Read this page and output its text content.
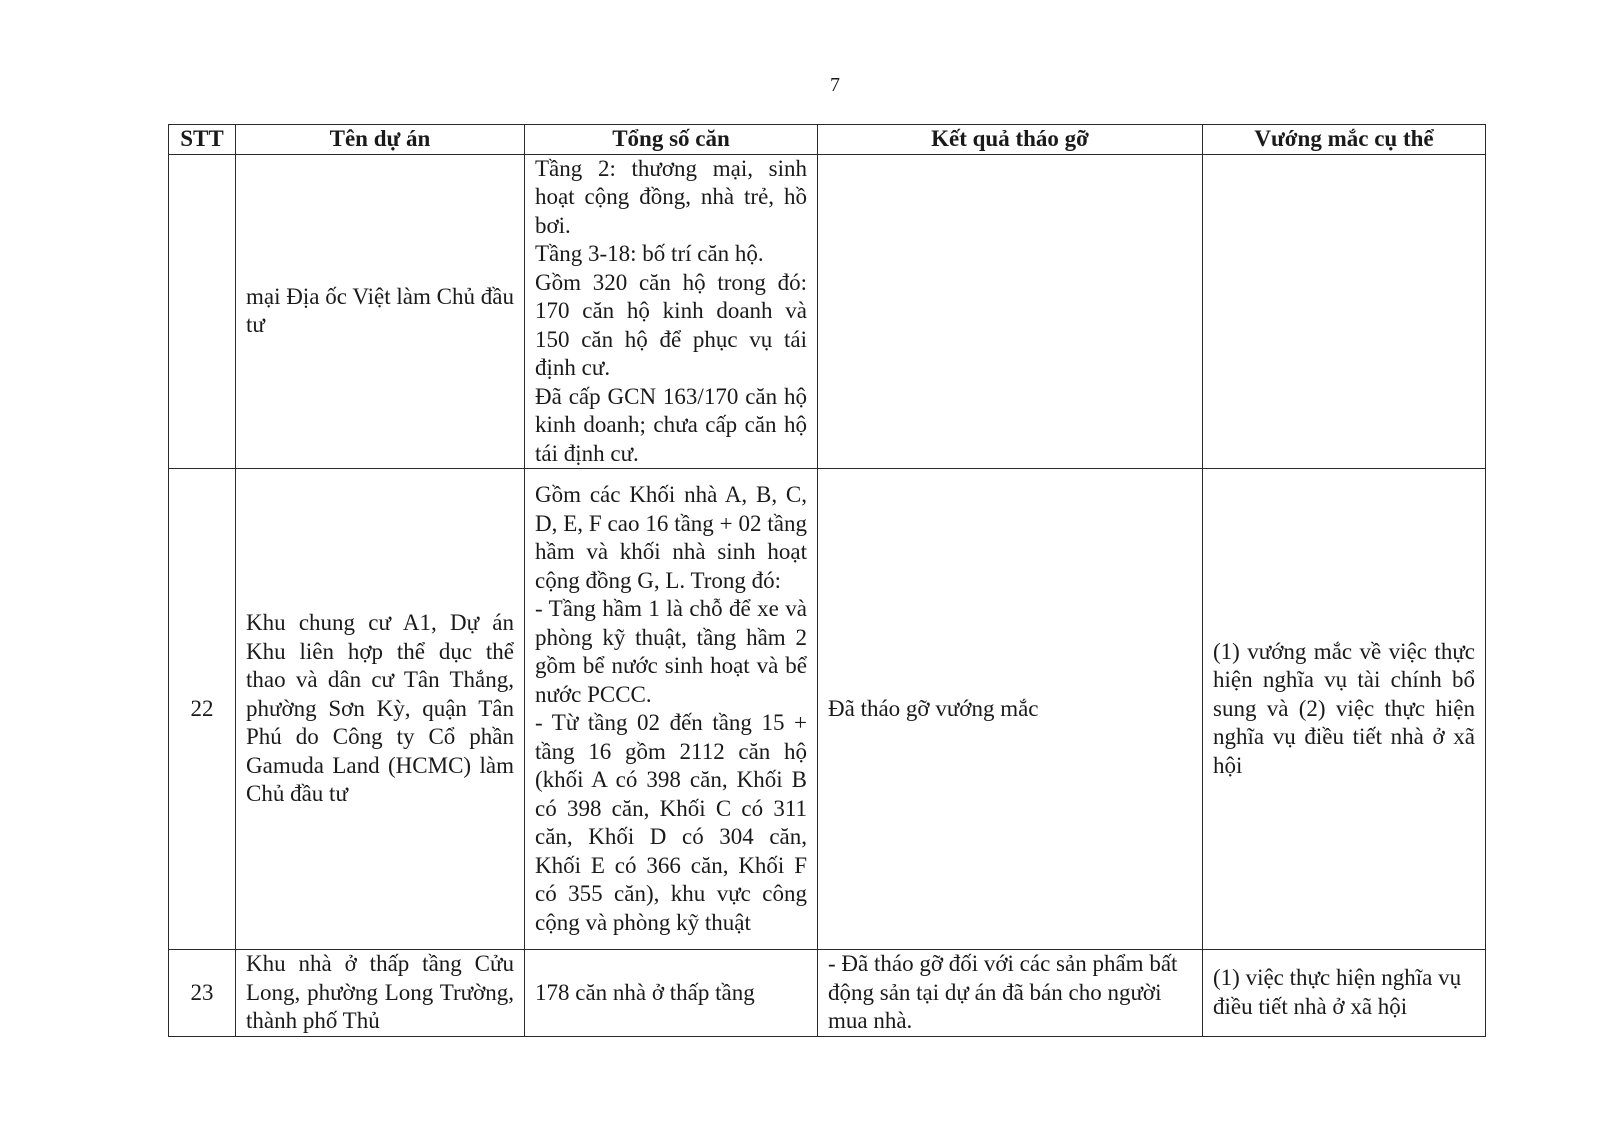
7
STT	Tên dự án	Tổng số căn	Kết quả tháo gỡ	Vướng mắc cụ thể
	mại Địa ốc Việt làm Chủ đầu tư	Tầng 2: thương mại, sinh hoạt cộng đồng, nhà trẻ, hồ bơi.
Tầng 3-18: bố trí căn hộ.
Gồm 320 căn hộ trong đó: 170 căn hộ kinh doanh và 150 căn hộ để phục vụ tái định cư.
Đã cấp GCN 163/170 căn hộ kinh doanh; chưa cấp căn hộ tái định cư.		

22	Khu chung cư A1, Dự án Khu liên hợp thể dục thể thao và dân cư Tân Thắng, phường Sơn Kỳ, quận Tân Phú do Công ty Cổ phần Gamuda Land (HCMC) làm Chủ đầu tư	Gồm các Khối nhà A, B, C, D, E, F cao 16 tầng + 02 tầng hầm và khối nhà sinh hoạt cộng đồng G, L. Trong đó:
- Tầng hầm 1 là chỗ để xe và phòng kỹ thuật, tầng hầm 2 gồm bể nước sinh hoạt và bể nước PCCC.
- Từ tầng 02 đến tầng 15 + tầng 16 gồm 2112 căn hộ (khối A có 398 căn, Khối B có 398 căn, Khối C có 311 căn, Khối D có 304 căn, Khối E có 366 căn, Khối F có 355 căn), khu vực công cộng và phòng kỹ thuật	Đã tháo gỡ vướng mắc	(1) vướng mắc về việc thực hiện nghĩa vụ tài chính bổ sung và (2) việc thực hiện nghĩa vụ điều tiết nhà ở xã hội
23	Khu nhà ở thấp tầng Cửu Long, phường Long Trường, thành phố Thủ	178 căn nhà ở thấp tầng	- Đã tháo gỡ đối với các sản phẩm bất động sản tại dự án đã bán cho người mua nhà.	(1) việc thực hiện nghĩa vụ điều tiết nhà ở xã hội
